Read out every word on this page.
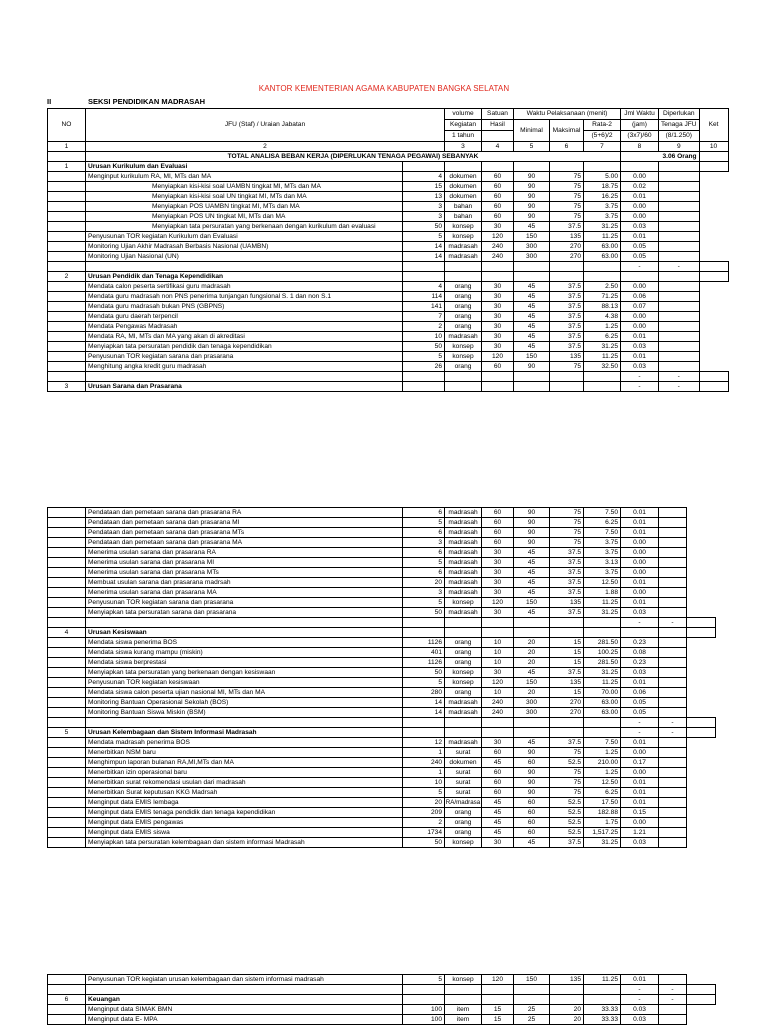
KANTOR KEMENTERIAN AGAMA KABUPATEN BANGKA SELATAN
II	SEKSI PENDIDIKAN MADRASAH
NO	JFU (Staf) / Uraian Jabatan		volume	Satuan	Waktu Pelaksanaan (menit)			Jml Waktu	Diperlukan	Ket
			Kegiatan	Hasil	Minimal	Maksimal	Rata-2	(jam)	Tenaga JFU	
			1 tahun				(5+6)/2	(3x7)/60	(8/1.250)	
1	2		3	4	5	6	7	8	9	10
	TOTAL ANALISA BEBAN KERJA (DIPERLUKAN TENAGA PEGAWAI) SEBANYAK							3.06 Orang		
1	Urusan Kurikulum dan Evaluasi									
	Menginput kurikulum RA, MI, MTs dan MA	4	dokumen	60	90	75	5.00	0.00		
	Menyiapkan kisi-kisi soal UAMBN tingkat MI, MTs dan MA	15	dokumen	60	90	75	18.75	0.02		
	Menyiapkan kisi-kisi soal UN tingkat MI, MTs dan MA	13	dokumen	60	90	75	16.25	0.01		
	Menyiapkan POS UAMBN tingkat MI, MTs dan MA	3	bahan	60	90	75	3.75	0.00		
	Menyiapkan POS UN tingkat MI, MTs dan MA	3	bahan	60	90	75	3.75	0.00		
	Menyiapkan tata persuratan yang berkenaan dengan kurikulum dan evaluasi	50	konsep	30	45	37.5	31.25	0.03		
	Penyusunan TOR kegiatan Kurikulum dan Evaluasi	5	konsep	120	150	135	11.25	0.01		
	Monitoring Ujian Akhir Madrasah Berbasis Nasional (UAMBN)	14	madrasah	240	300	270	63.00	0.05		
	Monitoring Ujian Nasional (UN)	14	madrasah	240	300	270	63.00	0.05		
								-	-	
2	Urusan Pendidik dan Tenaga Kependidikan									
	Mendata calon peserta sertifikasi guru madrasah	4	orang	30	45	37.5	2.50	0.00		
	Mendata guru madrasah non PNS penerima tunjangan fungsional S. 1 dan non S.1	114	orang	30	45	37.5	71.25	0.06		
	Mendata guru madrasah bukan PNS (GBPNS)	141	orang	30	45	37.5	88.13	0.07		
	Mendata guru daerah terpencil	7	orang	30	45	37.5	4.38	0.00		
	Mendata Pengawas Madrasah	2	orang	30	45	37.5	1.25	0.00		
	Mendata RA, MI, MTs dan MA yang akan di akreditasi	10	madrasah	30	45	37.5	6.25	0.01		
	Menyiapkan tata persuratan pendidik dan tenaga kependidikan	50	konsep	30	45	37.5	31.25	0.03		
	Penyusunan TOR kegiatan sarana dan prasarana	5	konsep	120	150	135	11.25	0.01		
	Menghitung angka kredit guru madrasah	26	orang	60	90	75	32.50	0.03		
								-	-	
3	Urusan Sarana dan Prasarana							-	-	
	Pendataan dan pemetaan sarana dan prasarana RA	6	madrasah	60	90	75	7.50	0.01		
	Pendataan dan pemetaan sarana dan prasarana MI	5	madrasah	60	90	75	6.25	0.01		
	Pendataan dan pemetaan sarana dan prasarana MTs	6	madrasah	60	90	75	7.50	0.01		
	Pendataan dan pemetaan sarana dan prasarana MA	3	madrasah	60	90	75	3.75	0.00		
	Menerima usulan sarana dan prasarana RA	6	madrasah	30	45	37.5	3.75	0.00		
	Menerima usulan sarana dan prasarana MI	5	madrasah	30	45	37.5	3.13	0.00		
	Menerima usulan sarana dan prasarana MTs	6	madrasah	30	45	37.5	3.75	0.00		
	Membuat usulan sarana dan prasarana madrsah	20	madrasah	30	45	37.5	12.50	0.01		
	Menerima usulan sarana dan prasarana MA	3	madrasah	30	45	37.5	1.88	0.00		
	Penyusunan TOR kegiatan sarana dan prasarana	5	konsep	120	150	135	11.25	0.01		
	Menyiapkan tata persuratan sarana dan prasarana	50	madrasah	30	45	37.5	31.25	0.03		
								-	-	
4	Urusan Kesiswaan									
	Mendata siswa penerima BOS	1126	orang	10	20	15	281.50	0.23		
	Mendata siswa kurang mampu (miskin)	401	orang	10	20	15	100.25	0.08		
	Mendata siswa berprestasi	1126	orang	10	20	15	281.50	0.23		
	Menyiapkan tata persuratan yang berkenaan dengan kesiswaan	50	konsep	30	45	37.5	31.25	0.03		
	Penyusunan TOR kegiatan kesiswaan	5	konsep	120	150	135	11.25	0.01		
	Mendata siswa calon peserta ujian nasional MI, MTs dan MA	280	orang	10	20	15	70.00	0.06		
	Monitoring Bantuan Operasional Sekolah (BOS)	14	madrasah	240	300	270	63.00	0.05		
	Monitoring Bantuan Siswa Miskin (BSM)	14	madrasah	240	300	270	63.00	0.05		
								-	-	
5	Urusan Kelembagaan dan Sistem Informasi Madrasah							-	-	
	Mendata madrasah penerima BOS	12	madrasah	30	45	37.5	7.50	0.01		
	Menerbitkan NSM baru	1	surat	60	90	75	1.25	0.00		
	Menghimpun laporan bulanan RA,MI,MTs dan MA	240	dokumen	45	60	52.5	210.00	0.17		
	Menerbitkan izin operasional baru	1	surat	60	90	75	1.25	0.00		
	Menerbitkan surat rekomendasi usulan dari madrasah	10	surat	60	90	75	12.50	0.01		
	Menerbitkan Surat keputusan KKG Madrsah	5	surat	60	90	75	6.25	0.01		
	Menginput data EMIS lembaga	20	RA/madrasa	45	60	52.5	17.50	0.01		
	Menginput data EMIS tenaga pendidik dan tenaga kependidikan	209	orang	45	60	52.5	182.88	0.15		
	Menginput data EMIS pengawas	2	orang	45	60	52.5	1.75	0.00		
	Menginput data EMIS siswa	1734	orang	45	60	52.5	1,517.25	1.21		
	Menyiapkan tata persuratan kelembagaan dan sistem informasi Madrasah	50	konsep	30	45	37.5	31.25	0.03		
	Penyusunan TOR kegiatan urusan kelembagaan dan sistem informasi madrasah	5	konsep	120	150	135	11.25	0.01		
								-	-	
6	Keuangan							-	-	
	Menginput data SIMAK BMN	100	item	15	25	20	33.33	0.03		
	Menginput data E- MPA	100	item	15	25	20	33.33	0.03		
